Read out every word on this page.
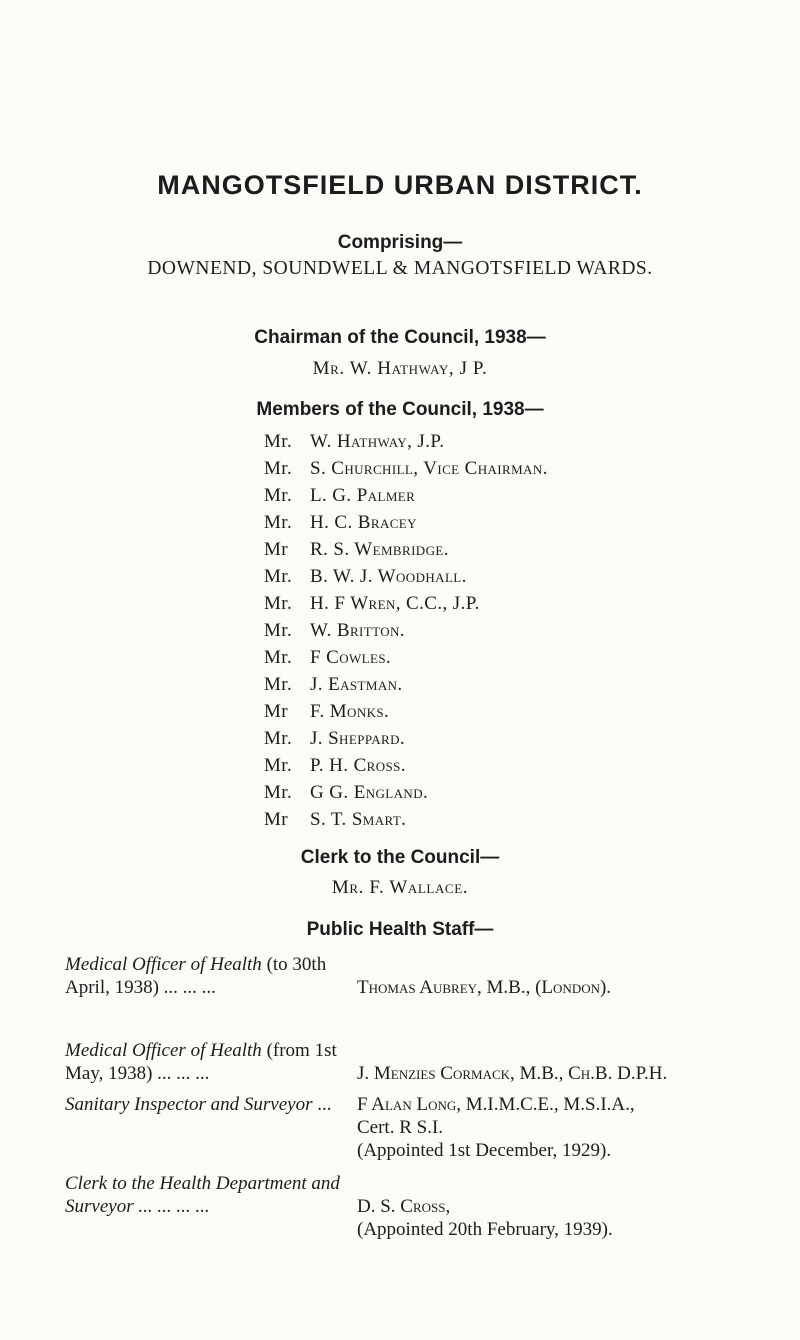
MANGOTSFIELD URBAN DISTRICT.
Comprising—
DOWNEND, SOUNDWELL & MANGOTSFIELD WARDS.
Chairman of the Council, 1938—
Mr. W. Hathway, J P.
Members of the Council, 1938—
Mr. W. Hathway, J.P.
Mr. S. Churchill, Vice Chairman.
Mr. L. G. Palmer
Mr. H. C. Bracey
Mr R. S. Wembridge.
Mr. B. W. J. Woodhall.
Mr. H. F Wren, C.C., J.P.
Mr. W. Britton.
Mr. F Cowles.
Mr. J. Eastman.
Mr F. Monks.
Mr. J. Sheppard.
Mr. P. H. Cross.
Mr. G G. England.
Mr S. T. Smart.
Clerk to the Council—
Mr. F. Wallace.
Public Health Staff—
Medical Officer of Health (to 30th
April, 1938) ... ... ...	Thomas Aubrey, M.B., (London).
Medical Officer of Health (from 1st
May, 1938) ... ... ...	J. Menzies Cormack, M.B., Ch.B. D.P.H.
Sanitary Inspector and Surveyor ...	F Alan Long, M.I.M.C.E., M.S.I.A.,
Cert. R S.I.
(Appointed 1st December, 1929).
Clerk to the Health Department and
Surveyor ... ... ... ...	D. S. Cross,
(Appointed 20th February, 1939).
